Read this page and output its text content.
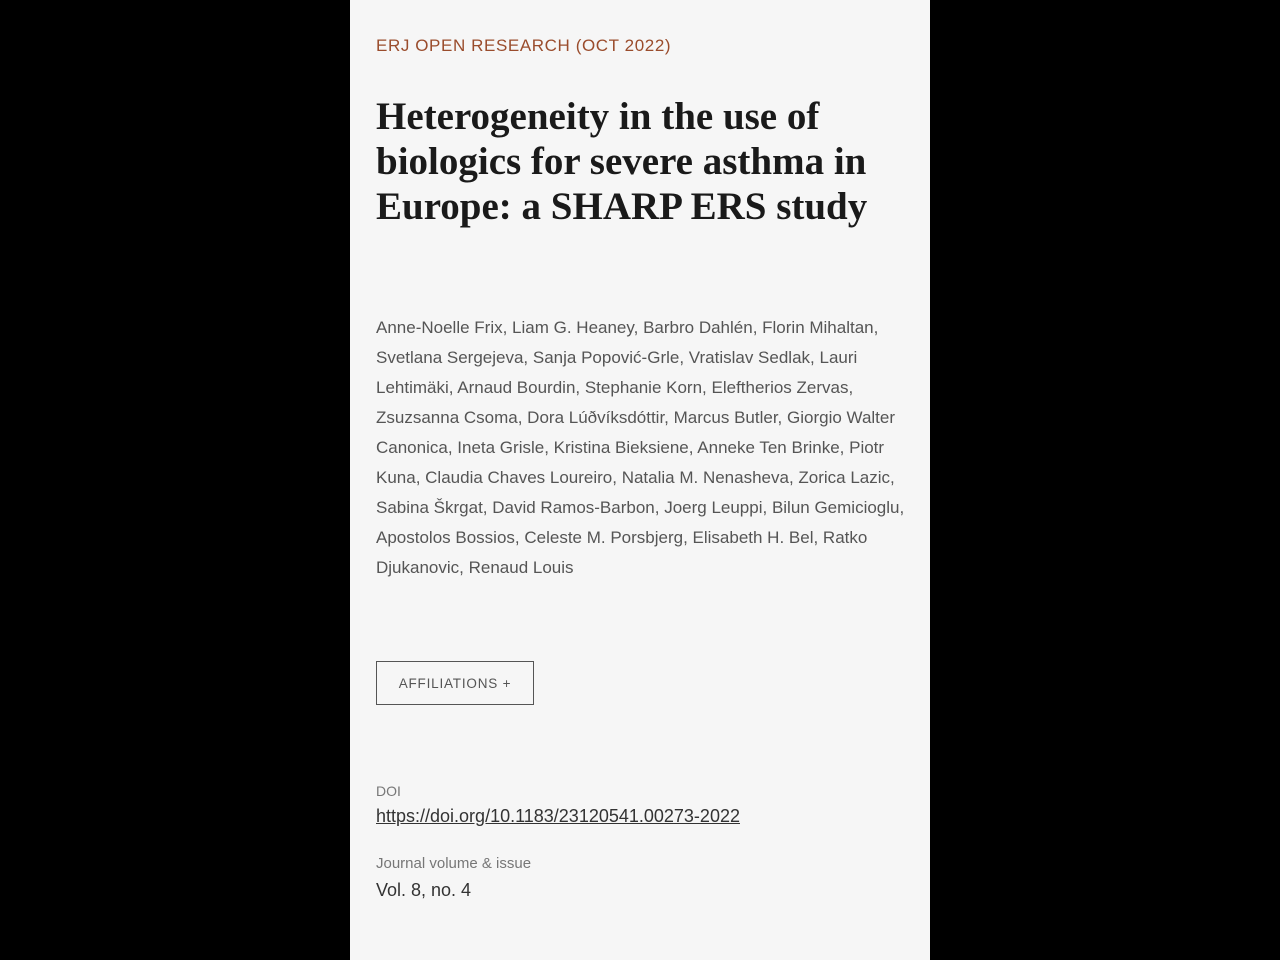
ERJ OPEN RESEARCH (OCT 2022)
Heterogeneity in the use of biologics for severe asthma in Europe: a SHARP ERS study

Anne-Noelle Frix, Liam G. Heaney, Barbro Dahlén, Florin Mihaltan, Svetlana Sergejeva, Sanja Popović-Grle, Vratislav Sedlak, Lauri Lehtimäki, Arnaud Bourdin, Stephanie Korn, Eleftherios Zervas, Zsuzsanna Csoma, Dora Lúðvíksdóttir, Marcus Butler, Giorgio Walter Canonica, Ineta Grisle, Kristina Bieksiene, Anneke Ten Brinke, Piotr Kuna, Claudia Chaves Loureiro, Natalia M. Nenasheva, Zorica Lazic, Sabina Škrgat, David Ramos-Barbon, Joerg Leuppi, Bilun Gemicioglu, Apostolos Bossios, Celeste M. Porsbjerg, Elisabeth H. Bel, Ratko Djukanovic, Renaud Louis

AFFILIATIONS +
DOI
https://doi.org/10.1183/23120541.00273-2022
Journal volume & issue
Vol. 8, no. 4
